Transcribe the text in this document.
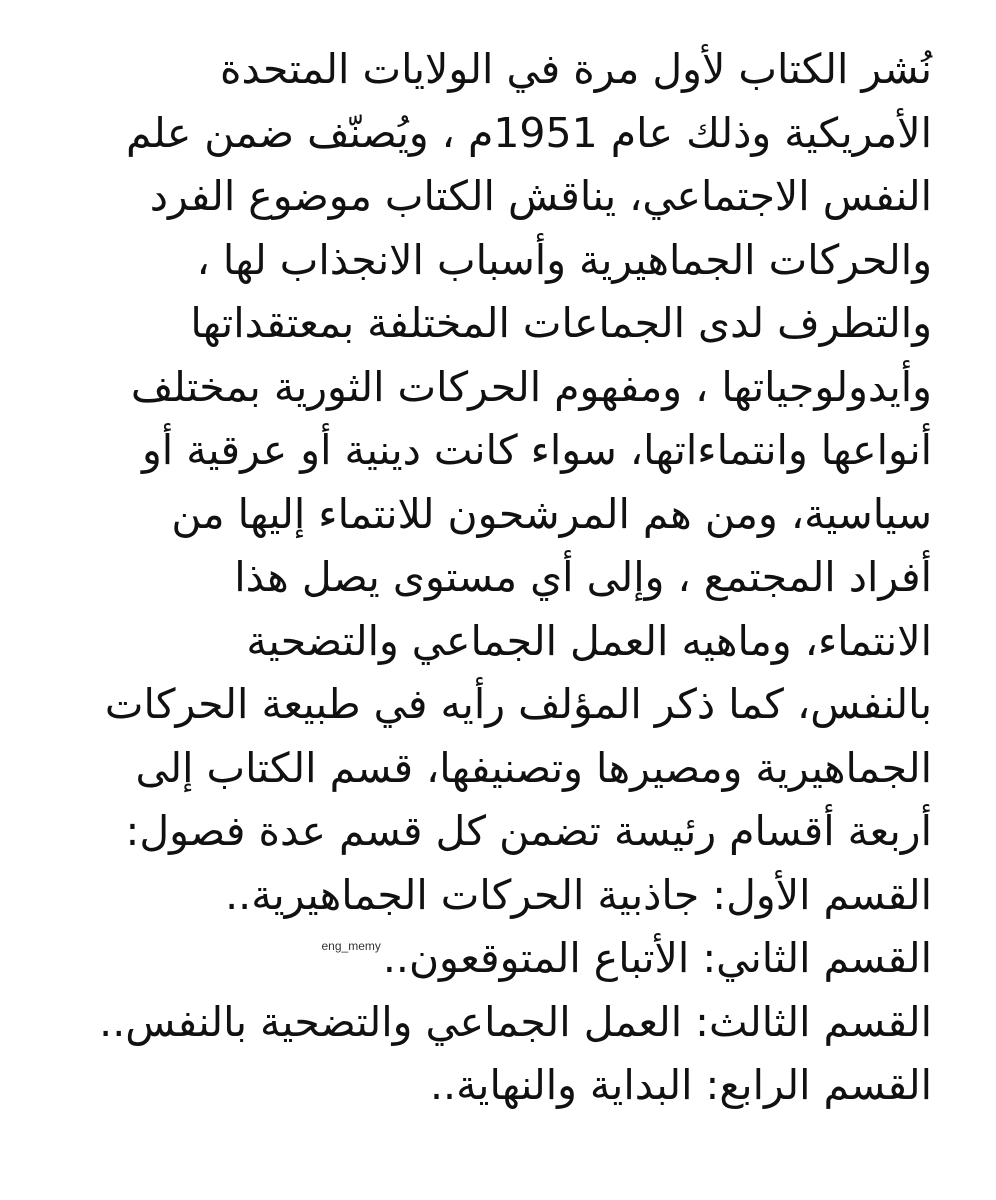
نُشر الكتاب لأول مرة في الولايات المتحدة
الأمريكية وذلك عام 1951م ، ويُصنّف ضمن علم
النفس الاجتماعي، يناقش الكتاب موضوع الفرد
والحركات الجماهيرية وأسباب الانجذاب لها ،
والتطرف لدى الجماعات المختلفة بمعتقداتها
وأيدولوجياتها ، ومفهوم الحركات الثورية بمختلف
أنواعها وانتماءاتها، سواء كانت دينية أو عرقية أو
سياسية، ومن هم المرشحون للانتماء إليها من
أفراد المجتمع ، وإلى أي مستوى يصل هذا
الانتماء، وماهيه العمل الجماعي والتضحية
بالنفس، كما ذكر المؤلف رأيه في طبيعة الحركات
الجماهيرية ومصيرها وتصنيفها، قسم الكتاب إلى
أربعة أقسام رئيسة تضمن كل قسم عدة فصول:
القسم الأول: جاذبية الحركات الجماهيرية..
القسم الثاني: الأتباع المتوقعون..eng_memy
القسم الثالث: العمل الجماعي والتضحية بالنفس..
القسم الرابع: البداية والنهاية..
